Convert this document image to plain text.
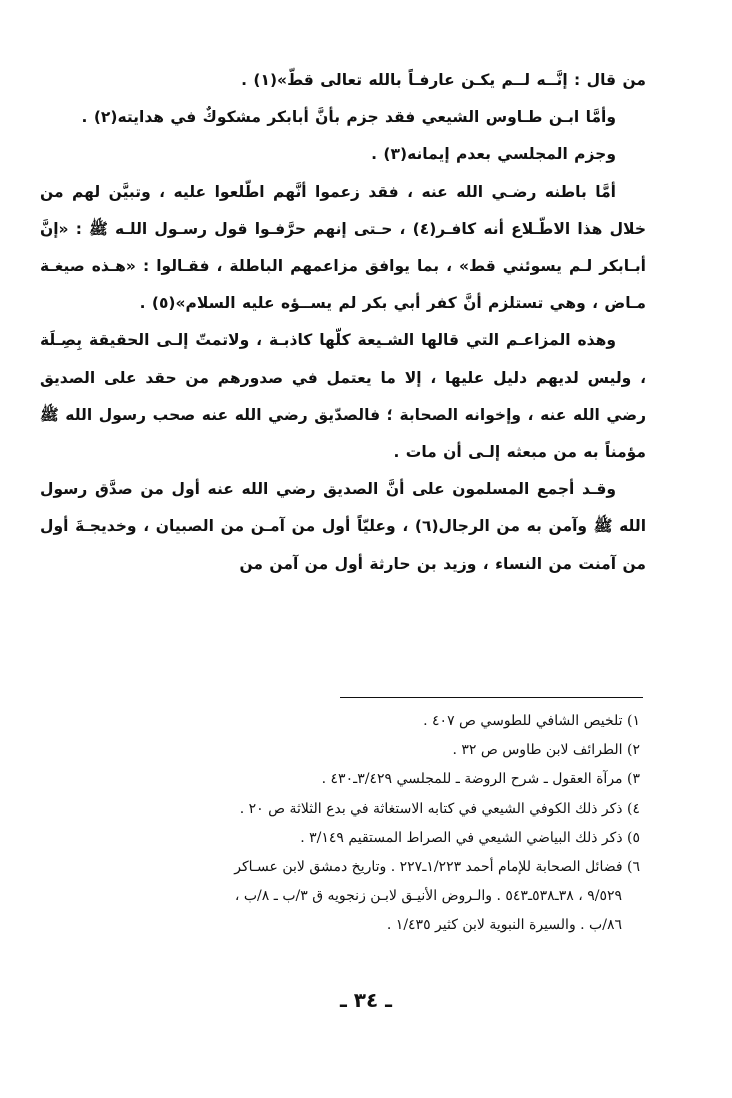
من قال : إنَّــه لــم يكـن عارفـاً بالله تعالى قطّ»(١) .

وأمَّا ابـن طـاوس الشيعي فقد جزم بأنَّ أبابكر مشكوكٌ في هدايته(٢) .

وجزم المجلسي بعدم إيمانه(٣) .

أمَّا باطنه رضـي الله عنه ، فقد زعموا أنَّهم اطّلعوا عليه ، وتبيَّن لهم من خلال هذا الاطّـلاع أنه كافـر(٤) ، حـتى إنهم حرَّفـوا قول رسـول اللـه ﷺ : «إنَّ أبـابكر لـم يسوئني قط» ، بما يوافق مزاعمهم الباطلة ، فقـالوا : «هـذه صيغـة مـاض ، وهي تستلزم أنَّ كفر أبي بكر لم يســؤه عليه السلام»(٥) .

وهذه المزاعـم التي قالها الشـيعة كلّها كاذبـة ، ولاتمتّ إلـى الحقيقة بِصِـلَة ، وليس لديهم دليل عليها ، إلا ما يعتمل في صدورهم من حقد على الصديق رضي الله عنه ، وإخوانه الصحابة ؛ فالصدّيق رضي الله عنه صحب رسول الله ﷺ مؤمناً به من مبعثه إلـى أن مات .

وقـد أجمع المسلمون على أنَّ الصديق رضي الله عنه أول من صدَّق رسول الله ﷺ وآمن به من الرجال(٦) ، وعليّاً أول من آمـن من الصبيان ، وخديجـةَ أول من آمنت من النساء ، وزيد بن حارثة أول من آمن من

١) تلخيص الشافي للطوسي ص ٤٠٧ .

٢) الطرائف لابن طاوس ص ٣٢ .

٣) مرآة العقول ـ شرح الروضة ـ للمجلسي ٣/٤٢٩ـ٤٣٠ .

٤) ذكر ذلك الكوفي الشيعي في كتابه الاستغاثة في بدع الثلاثة ص ٢٠ .

٥) ذكر ذلك البياضي الشيعي في الصراط المستقيم ٣/١٤٩ .

٦) فضائل الصحابة للإمام أحمد ١/٢٢٣ـ٢٢٧ . وتاريخ دمشق لابن عسـاكر

٩/٥٢٩ ، ٣٨ـ٥٣٨ـ٥٤٣ . والـروض الأنيـق لابـن زنجويه ق ٣/ب ـ ٨/ب ،

٨٦/ب . والسيرة النبوية لابن كثير ١/٤٣٥ .

ـ ٣٤ ـ
